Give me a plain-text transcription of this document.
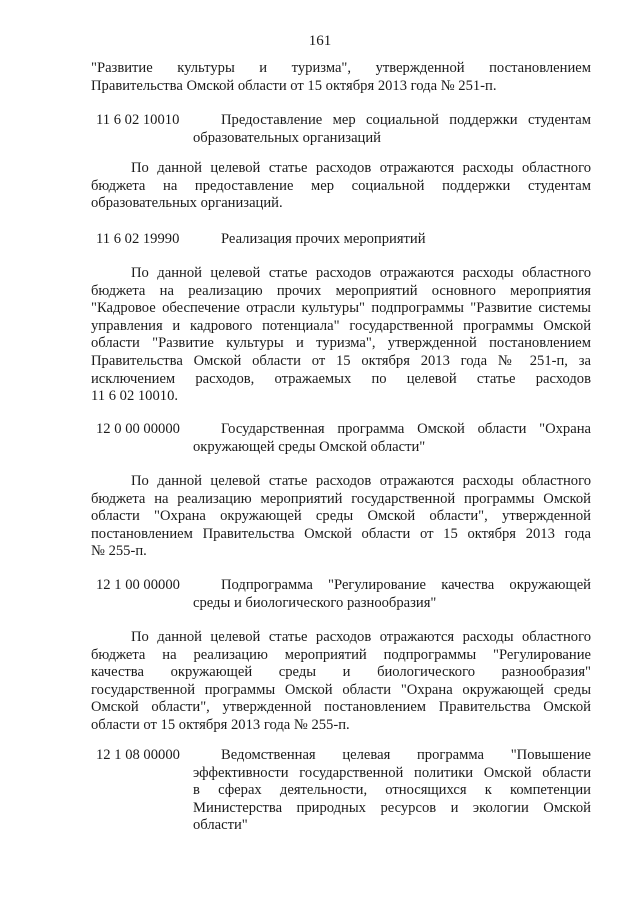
161
"Развитие культуры и туризма", утвержденной постановлением
Правительства Омской области от 15 октября 2013 года № 251-п.
11 6 02 10010	Предоставление мер социальной поддержки студентам
образовательных организаций
По данной целевой статье расходов отражаются расходы областного
бюджета на предоставление мер социальной поддержки студентам
образовательных организаций.
11 6 02 19990	Реализация прочих мероприятий
По данной целевой статье расходов отражаются расходы областного
бюджета на реализацию прочих мероприятий основного мероприятия
"Кадровое обеспечение отрасли культуры" подпрограммы "Развитие системы
управления и кадрового потенциала" государственной программы Омской
области "Развитие культуры и туризма", утвержденной постановлением
Правительства Омской области от 15 октября 2013 года № 251-п, за
исключением расходов, отражаемых по целевой статье расходов
11 6 02 10010.
12 0 00 00000	Государственная программа Омской области "Охрана
окружающей среды Омской области"
По данной целевой статье расходов отражаются расходы областного
бюджета на реализацию мероприятий государственной программы Омской
области "Охрана окружающей среды Омской области", утвержденной
постановлением Правительства Омской области от 15 октября 2013 года
№ 255-п.
12 1 00 00000	Подпрограмма "Регулирование качества окружающей
среды и биологического разнообразия"
По данной целевой статье расходов отражаются расходы областного
бюджета на реализацию мероприятий подпрограммы "Регулирование
качества окружающей среды и биологического разнообразия"
государственной программы Омской области "Охрана окружающей среды
Омской области", утвержденной постановлением Правительства Омской
области от 15 октября 2013 года № 255-п.
12 1 08 00000	Ведомственная целевая программа "Повышение
эффективности государственной политики Омской области
в сферах деятельности, относящихся к компетенции
Министерства природных ресурсов и экологии Омской
области"
